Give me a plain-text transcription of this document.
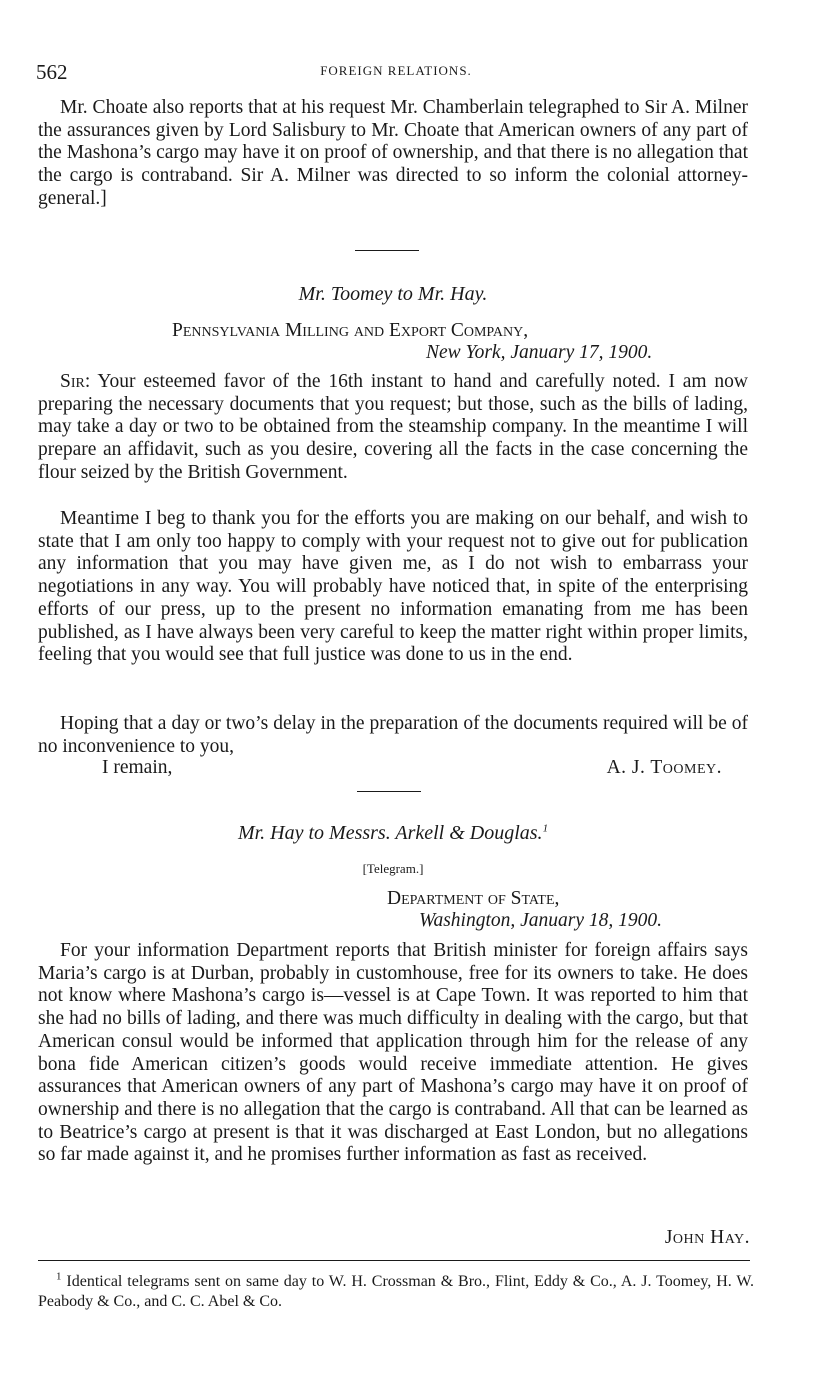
562	FOREIGN RELATIONS.

Mr. Choate also reports that at his request Mr. Chamberlain telegraphed to Sir A. Milner the assurances given by Lord Salisbury to Mr. Choate that American owners of any part of the Mashona’s cargo may have it on proof of ownership, and that there is no allegation that the cargo is contraband. Sir A. Milner was directed to so inform the colonial attorney-general.]

Mr. Toomey to Mr. Hay.
Pennsylvania Milling and Export Company,
New York, January 17, 1900.

Sir: Your esteemed favor of the 16th instant to hand and carefully noted. I am now preparing the necessary documents that you request; but those, such as the bills of lading, may take a day or two to be obtained from the steamship company. In the meantime I will prepare an affidavit, such as you desire, covering all the facts in the case concerning the flour seized by the British Government.

Meantime I beg to thank you for the efforts you are making on our behalf, and wish to state that I am only too happy to comply with your request not to give out for publication any information that you may have given me, as I do not wish to embarrass your negotiations in any way. You will probably have noticed that, in spite of the enterprising efforts of our press, up to the present no information emanating from me has been published, as I have always been very careful to keep the matter right within proper limits, feeling that you would see that full justice was done to us in the end.

Hoping that a day or two’s delay in the preparation of the documents required will be of no inconvenience to you,

I remain,	A. J. Toomey.
Mr. Hay to Messrs. Arkell & Douglas.$^1$
[Telegram.]
Department of State,
Washington, January 18, 1900.

For your information Department reports that British minister for foreign affairs says Maria’s cargo is at Durban, probably in customhouse, free for its owners to take. He does not know where Mashona’s cargo is—vessel is at Cape Town. It was reported to him that she had no bills of lading, and there was much difficulty in dealing with the cargo, but that American consul would be informed that application through him for the release of any bona fide American citizen’s goods would receive immediate attention. He gives assurances that American owners of any part of Mashona’s cargo may have it on proof of ownership and there is no allegation that the cargo is contraband. All that can be learned as to Beatrice’s cargo at present is that it was discharged at East London, but no allegations so far made against it, and he promises further information as fast as received.

John Hay.

$^1$ Identical telegrams sent on same day to W. H. Crossman & Bro., Flint, Eddy & Co., A. J. Toomey, H. W. Peabody & Co., and C. C. Abel & Co.
